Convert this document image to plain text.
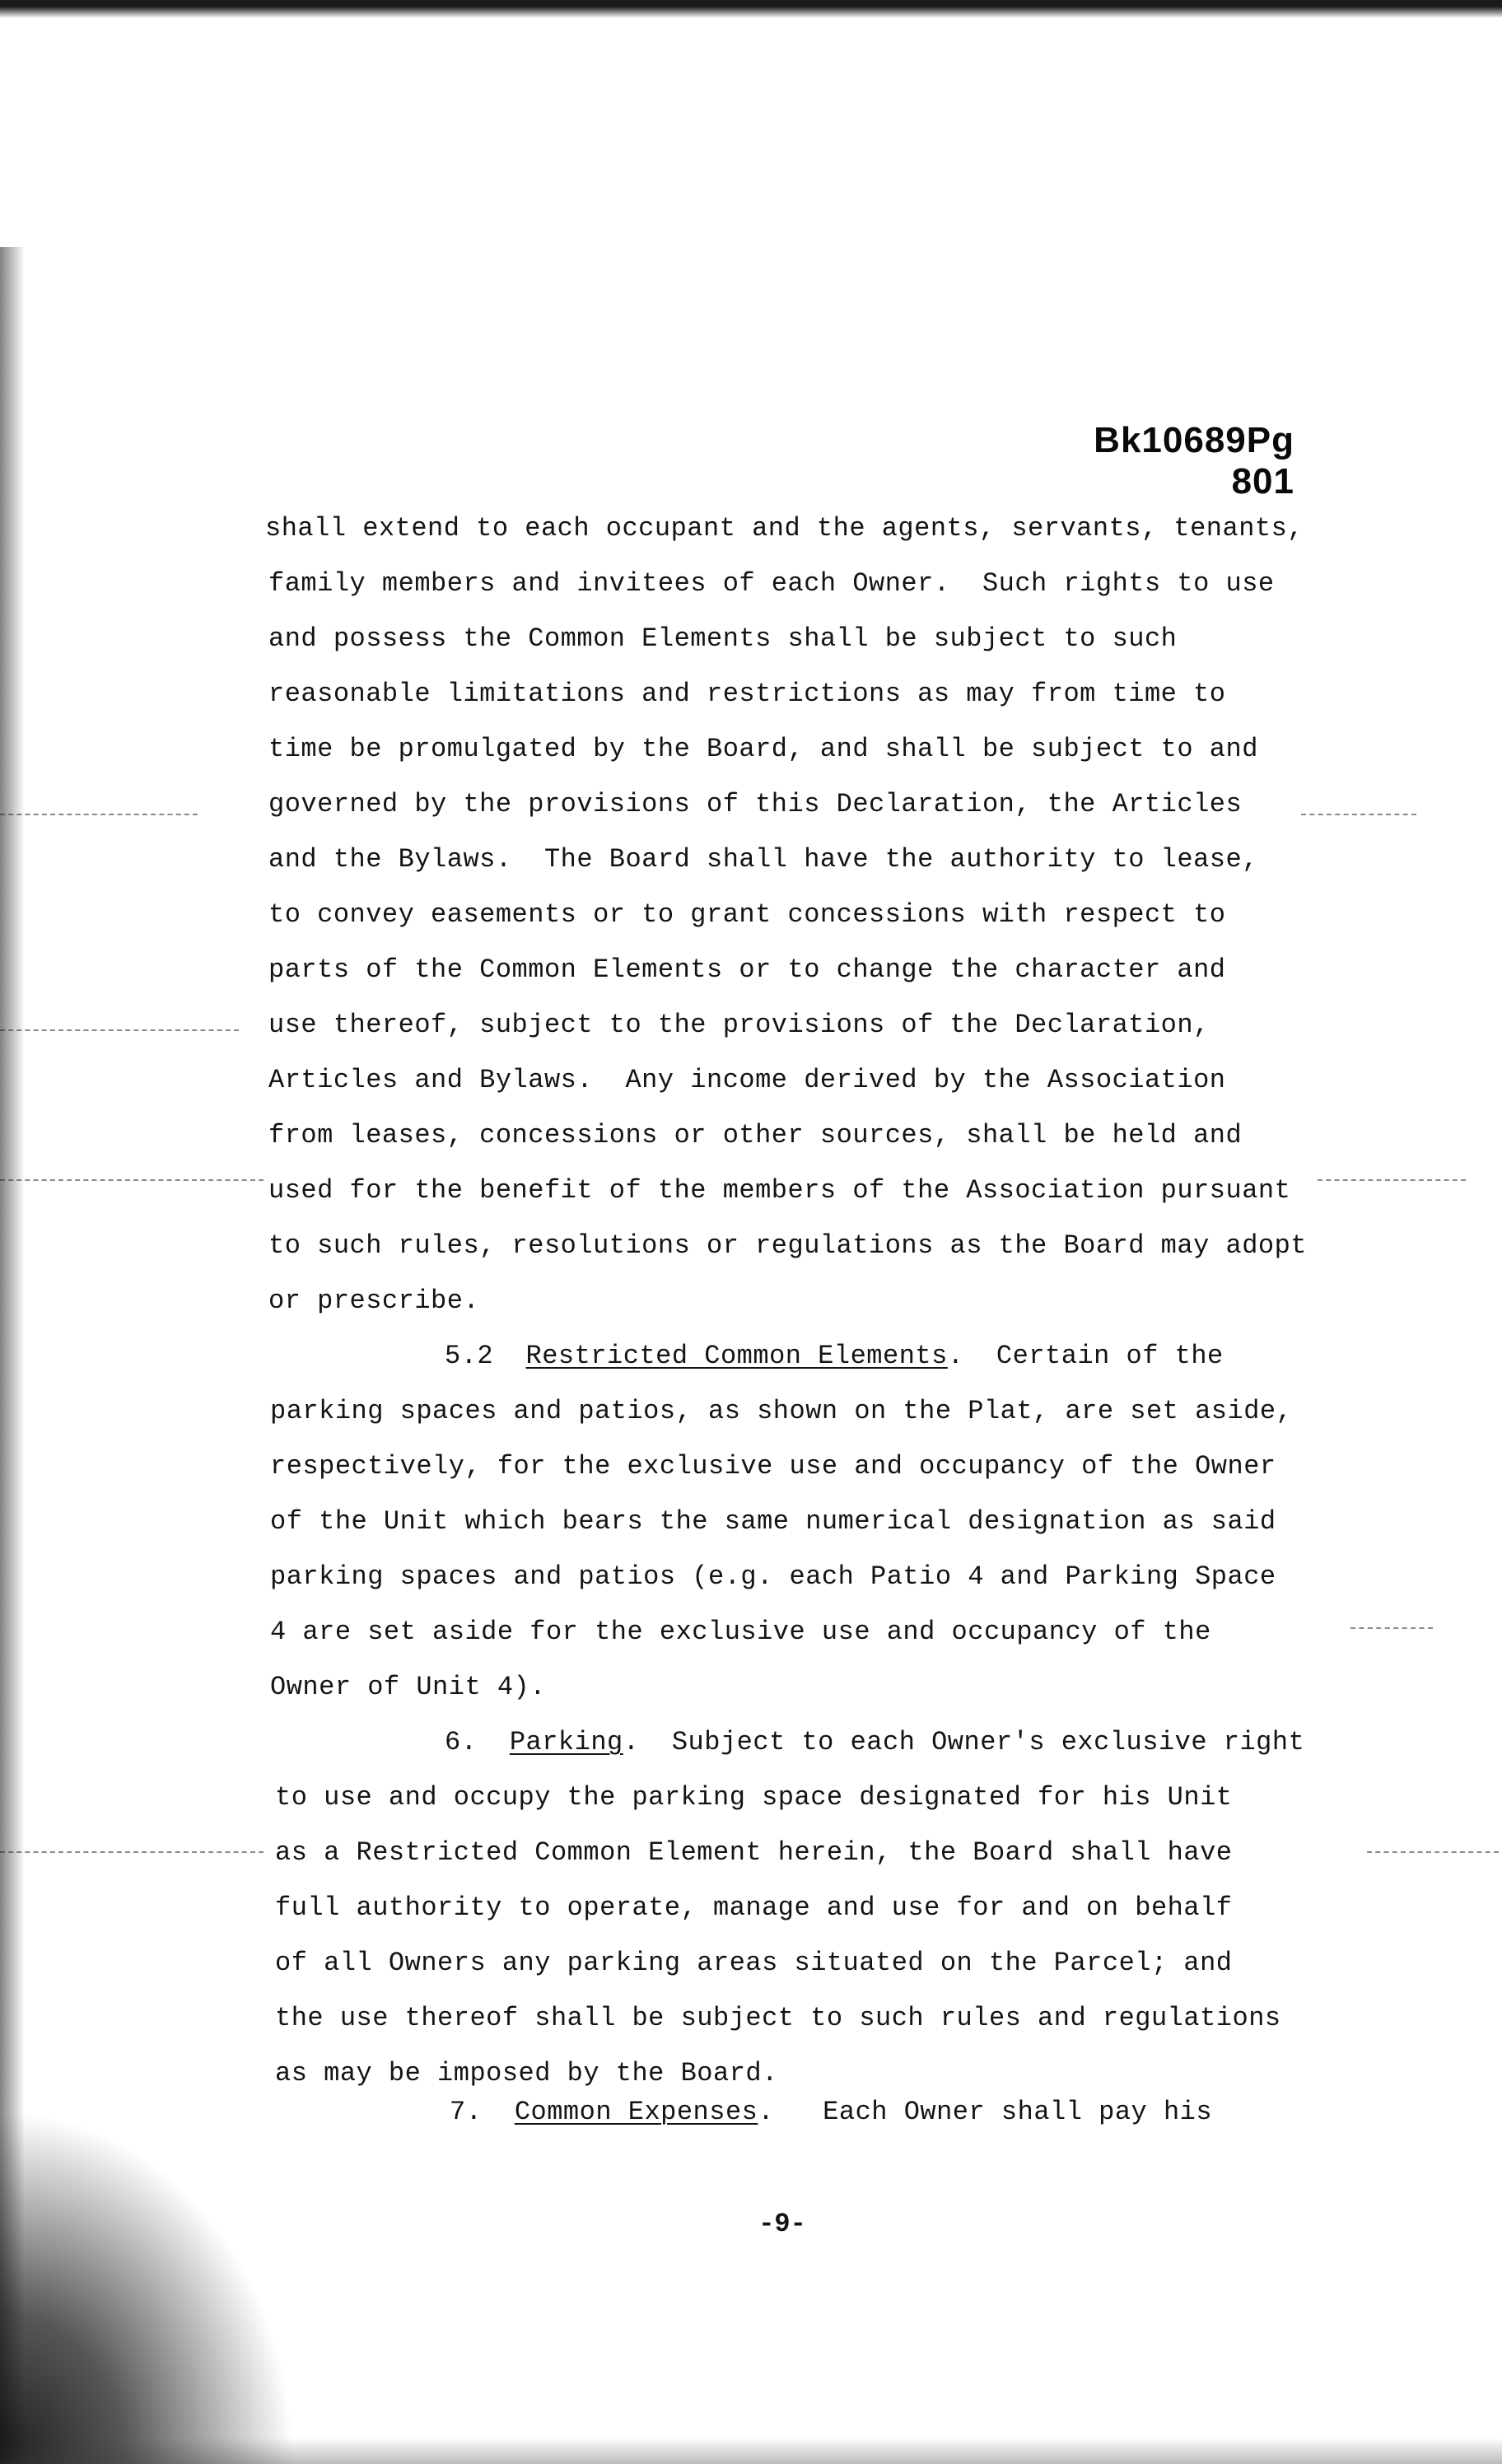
Bk10689Pg 801
shall extend to each occupant and the agents, servants, tenants,
family members and invitees of each Owner.  Such rights to use
and possess the Common Elements shall be subject to such
reasonable limitations and restrictions as may from time to
time be promulgated by the Board, and shall be subject to and
governed by the provisions of this Declaration, the Articles
and the Bylaws.  The Board shall have the authority to lease,
to convey easements or to grant concessions with respect to
parts of the Common Elements or to change the character and
use thereof, subject to the provisions of the Declaration,
Articles and Bylaws.  Any income derived by the Association
from leases, concessions or other sources, shall be held and
used for the benefit of the members of the Association pursuant
to such rules, resolutions or regulations as the Board may adopt
or prescribe.
5.2 Restricted Common Elements.  Certain of the
parking spaces and patios, as shown on the Plat, are set aside,
respectively, for the exclusive use and occupancy of the Owner
of the Unit which bears the same numerical designation as said
parking spaces and patios (e.g. each Patio 4 and Parking Space
4 are set aside for the exclusive use and occupancy of the
Owner of Unit 4).
6. Parking.  Subject to each Owner's exclusive right
to use and occupy the parking space designated for his Unit
as a Restricted Common Element herein, the Board shall have
full authority to operate, manage and use for and on behalf
of all Owners any parking areas situated on the Parcel; and
the use thereof shall be subject to such rules and regulations
as may be imposed by the Board.
7. Common Expenses.   Each Owner shall pay his
-9-
